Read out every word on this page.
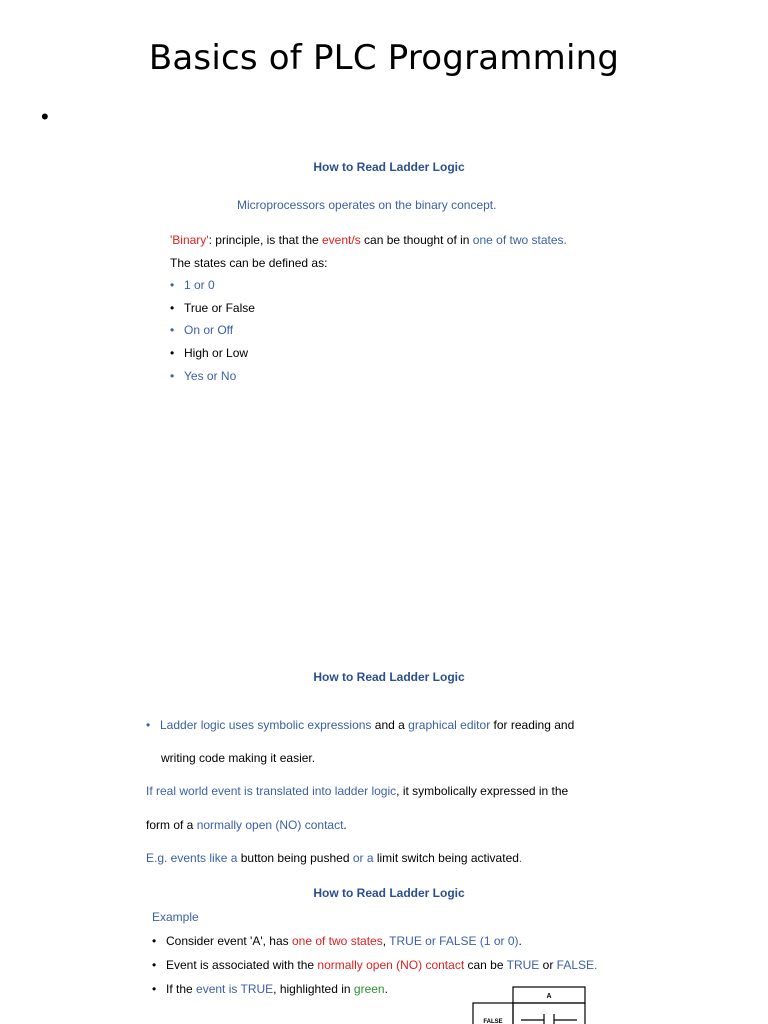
Basics of PLC Programming
•
How to Read Ladder Logic
Microprocessors operates on the binary concept.
'Binary': principle, is that the event/s can be thought of in one of two states.
The states can be defined as:
• 1 or 0
• True or False
• On or Off
• High or Low
• Yes or No
How to Read Ladder Logic
• Ladder logic uses symbolic expressions and a graphical editor for reading and
writing code making it easier.
If real world event is translated into ladder logic, it symbolically expressed in the
form of a normally open (NO) contact.
E.g. events like a button being pushed or a limit switch being activated.
How to Read Ladder Logic
Example
• Consider event 'A', has one of two states, TRUE or FALSE (1 or 0).
• Event is associated with the normally open (NO) contact can be TRUE or FALSE.
• If the event is TRUE, highlighted in green.
A
FALSE
